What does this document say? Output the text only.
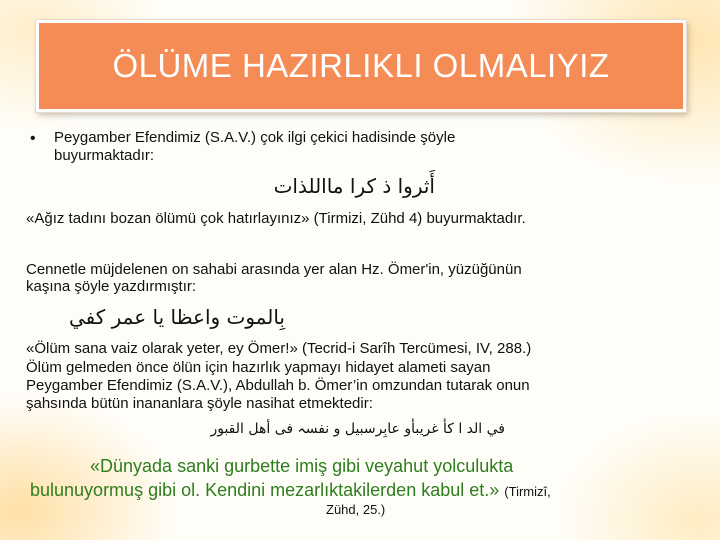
ÖLÜME HAZIRLIKLI OLMALIYIZ
• Peygamber Efendimiz (S.A.V.) çok ilgi çekici hadisinde şöyle
buyurmaktadır:
أَثروا ذ كرا مااللذات
«Ağız tadını bozan ölümü çok hatırlayınız» (Tirmizi, Zühd 4) buyurmaktadır.
Cennetle müjdelenen on sahabi arasında yer alan Hz. Ömer'in, yüzüğünün
kaşına şöyle yazdırmıştır:
بِالموت واعظا يا عمر كفي
«Ölüm sana vaiz olarak yeter, ey Ömer!» (Tecrid-i Sarîh Tercümesi, IV, 288.)
Ölüm gelmeden önce ölün için hazırlık yapmayı hidayet alameti sayan
Peygamber Efendimiz (S.A.V.), Abdullah b. Ömer’in omzundan tutarak onun
şahsında bütün inananlara şöyle nasihat etmektedir:
في الد ا كأ غريبأو عابِرسبيل و نفسہ فی أهل القبور
«Dünyada sanki gurbette imiş gibi veyahut yolculukta
bulunuyormuş gibi ol. Kendini mezarlıktakilerden kabul et.» (Tirmizî,
Zühd, 25.)
